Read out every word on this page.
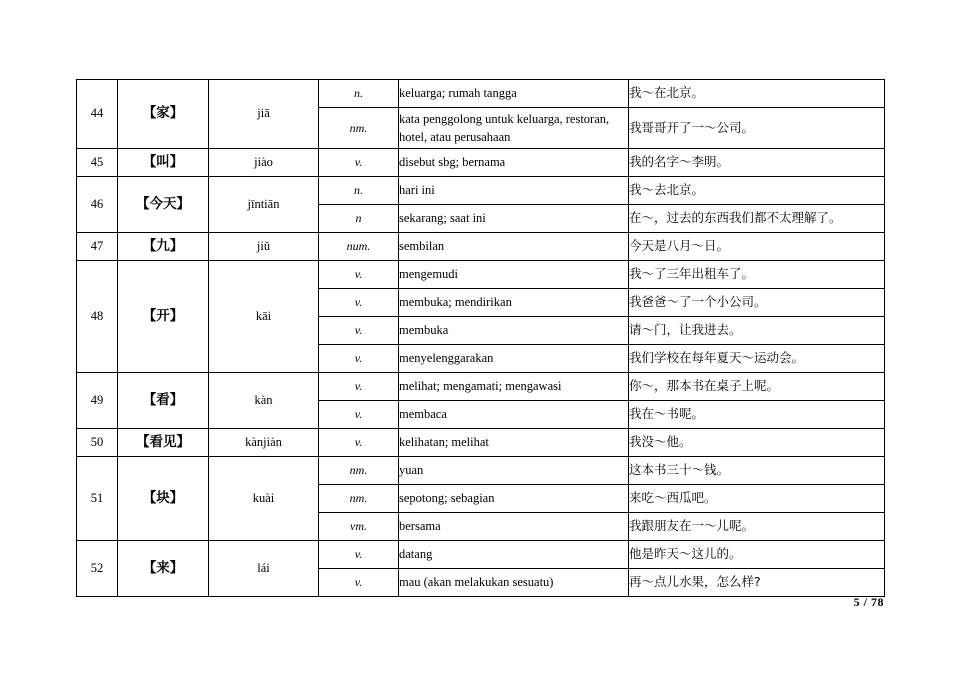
44	【家】	jiā	n.	keluarga; rumah tangga	我～在北京。
			nm.	kata penggolong untuk keluarga, restoran, hotel, atau perusahaan	我哥哥开了一～公司。
45	【叫】	jiào	v.	disebut sbg; bernama	我的名字～李明。
46	【今天】	jīntiān	n.	hari ini	我～去北京。
			n	sekarang; saat ini	在～，过去的东西我们都不太理解了。
47	【九】	jiǔ	num.	sembilan	今天是八月～日。
48	【开】	kāi	v.	mengemudi	我～了三年出租车了。
			v.	membuka; mendirikan	我爸爸～了一个小公司。
			v.	membuka	请～门，让我进去。
			v.	menyelenggarakan	我们学校在每年夏天～运动会。
49	【看】	kàn	v.	melihat; mengamati; mengawasi	你～，那本书在桌子上呢。
			v.	membaca	我在～书呢。
50	【看见】	kànjiàn	v.	kelihatan; melihat	我没～他。
51	【块】	kuài	nm.	yuan	这本书三十～钱。
			nm.	sepotong; sebagian	来吃～西瓜吧。
			vm.	bersama	我跟朋友在一～儿呢。
52	【来】	lái	v.	datang	他是昨天～这儿的。
			v.	mau (akan melakukan sesuatu)	再～点儿水果，怎么样?
5 / 78
